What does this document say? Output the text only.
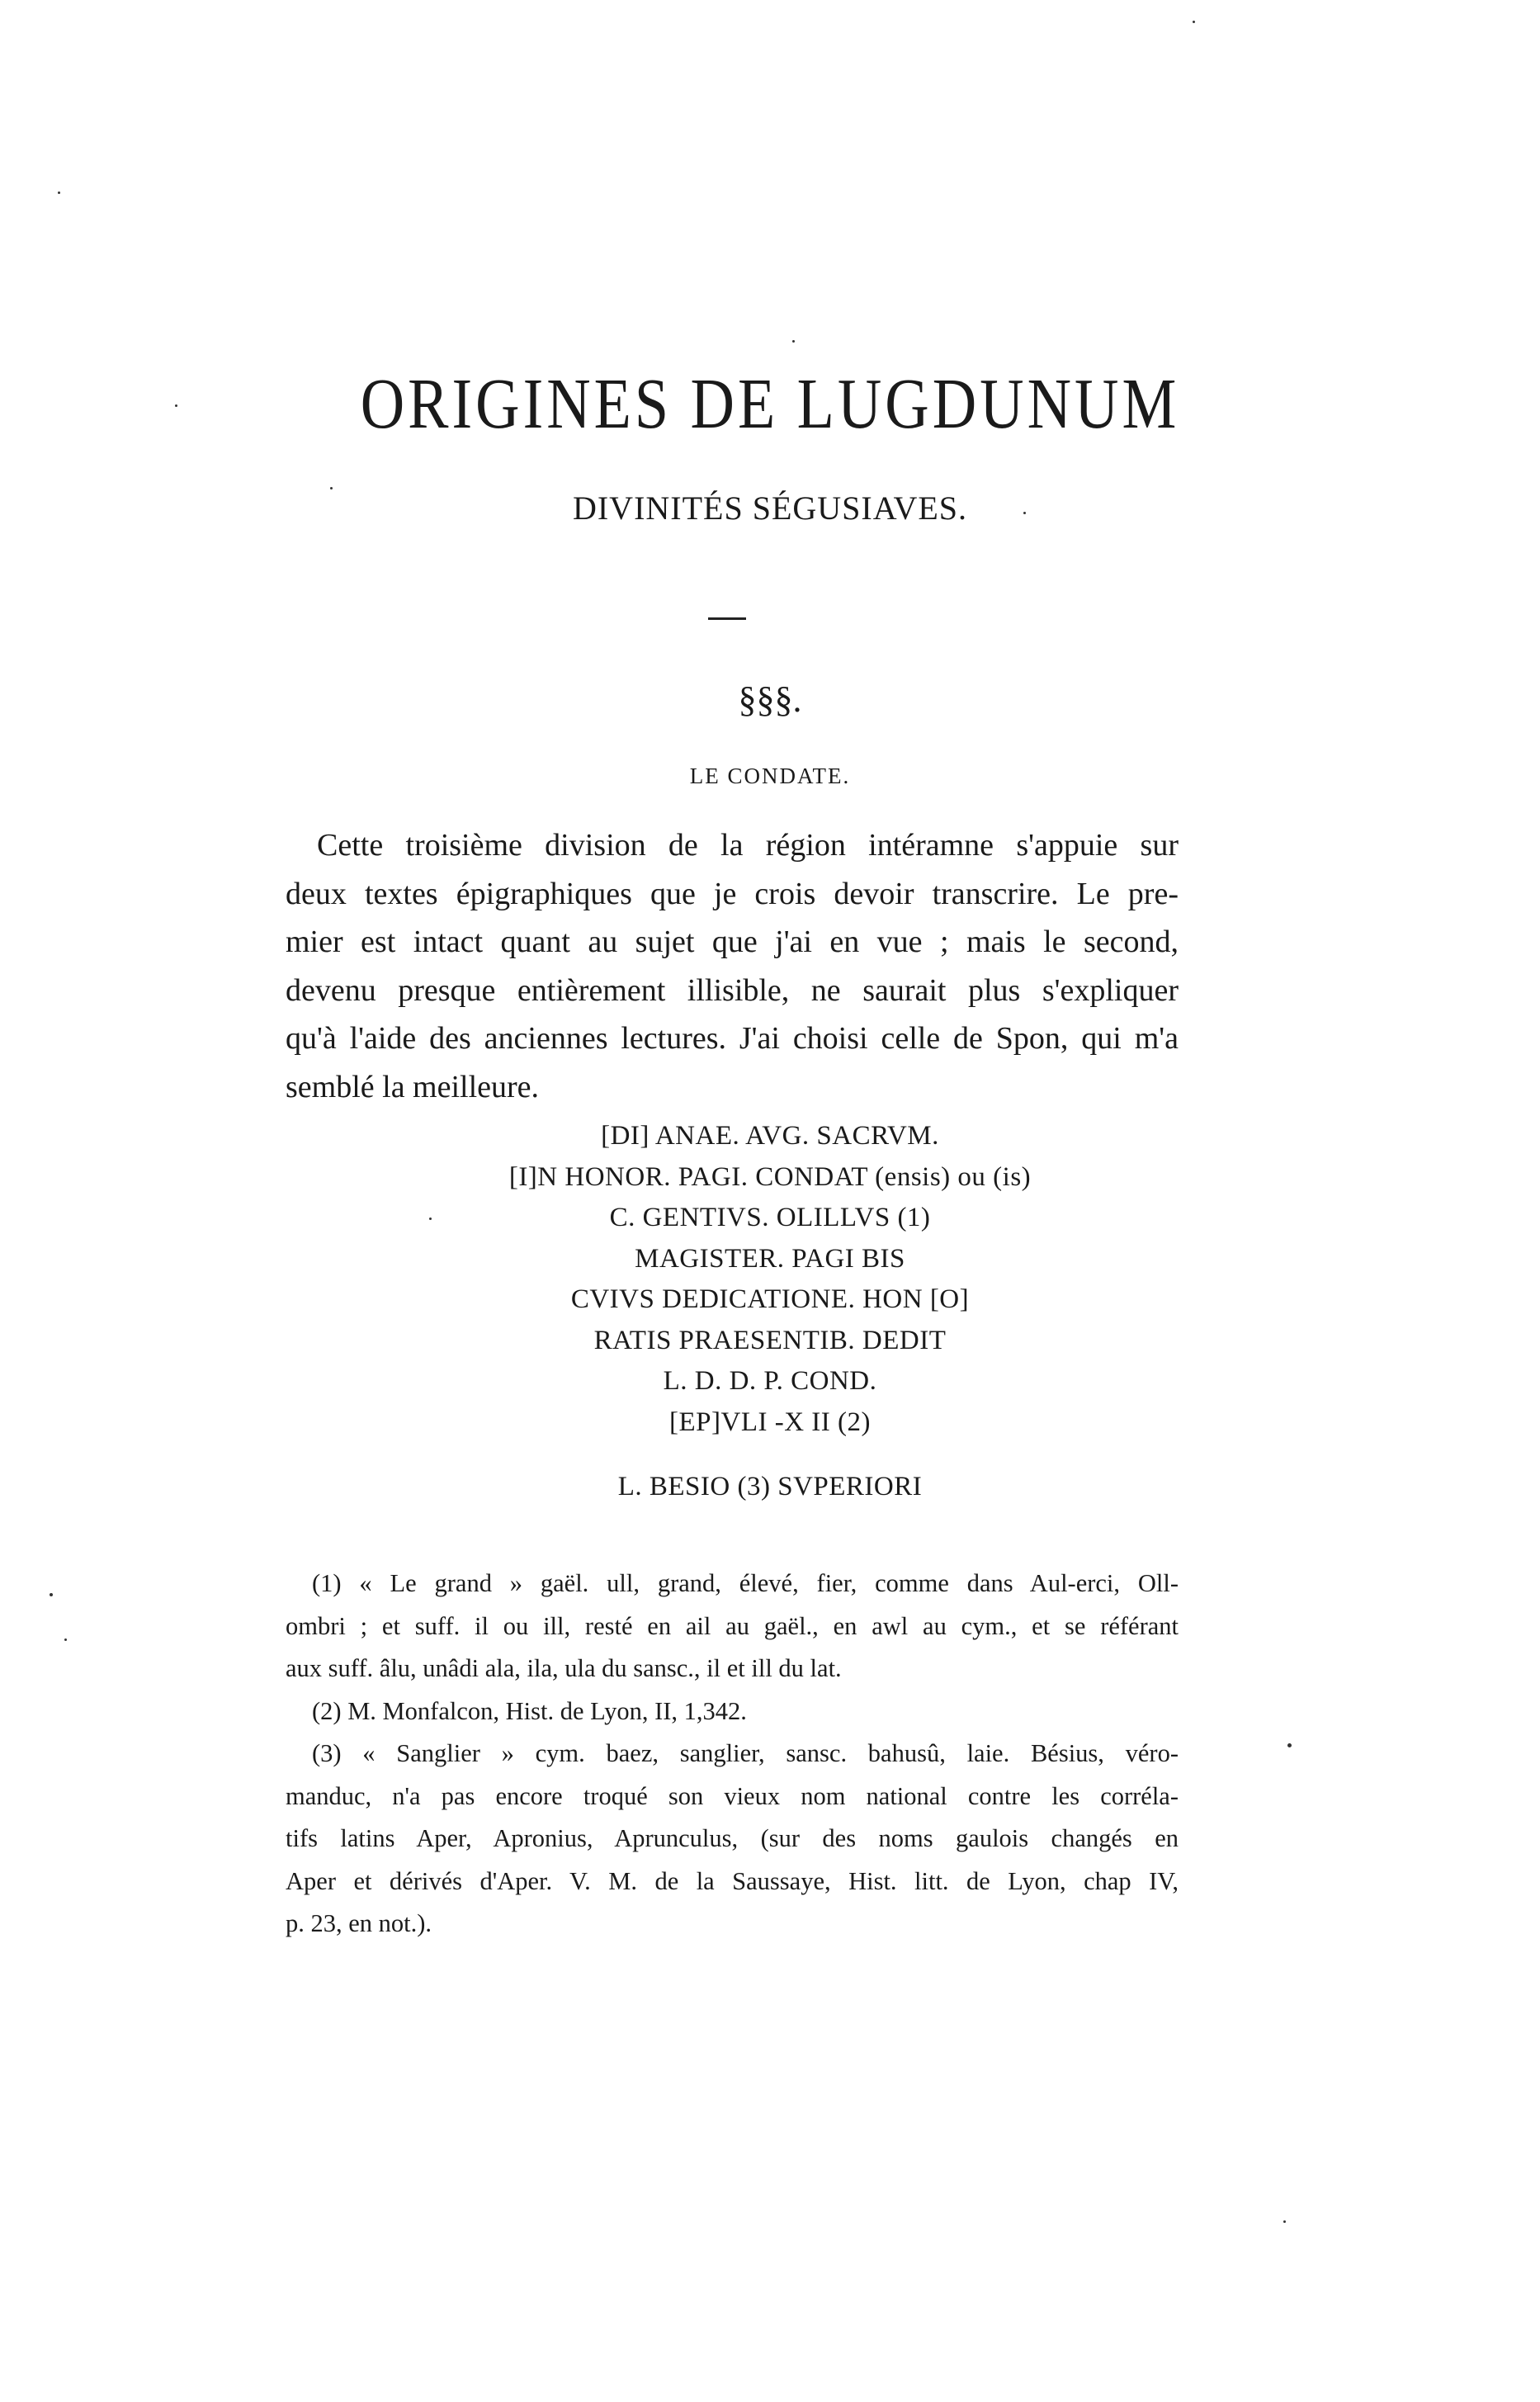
ORIGINES DE LUGDUNUM
DIVINITÉS SÉGUSIAVES.
§§§.
LE CONDATE.
Cette troisième division de la région intéramne s'appuie sur
deux textes épigraphiques que je crois devoir transcrire. Le pre-
mier est intact quant au sujet que j'ai en vue ; mais le second,
devenu presque entièrement illisible, ne saurait plus s'expliquer
qu'à l'aide des anciennes lectures. J'ai choisi celle de Spon, qui m'a
semblé la meilleure.
[DI] ANAE. AVG. SACRVM.
[I]N HONOR. PAGI. CONDAT (ensis) ou (is)
C. GENTIVS. OLILLVS (1)
MAGISTER. PAGI BIS
CVIVS DEDICATIONE. HON [O]
RATIS PRAESENTIB. DEDIT
L. D. D. P. COND.
[EP]VLI -X II (2)
L. BESIO (3) SVPERIORI
(1) « Le grand » gaël. ull, grand, élevé, fier, comme dans Aul-erci, Oll-
ombri ; et suff. il ou ill, resté en ail au gaël., en awl au cym., et se référant
aux suff. âlu, unâdi ala, ila, ula du sansc., il et ill du lat.
(2) M. Monfalcon, Hist. de Lyon, II, 1,342.
(3) « Sanglier » cym. baez, sanglier, sansc. bahusû, laie. Bésius, véro-
manduc, n'a pas encore troqué son vieux nom national contre les corréla-
tifs latins Aper, Apronius, Aprunculus, (sur des noms gaulois changés en
Aper et dérivés d'Aper. V. M. de la Saussaye, Hist. litt. de Lyon, chap IV,
p. 23, en not.).
